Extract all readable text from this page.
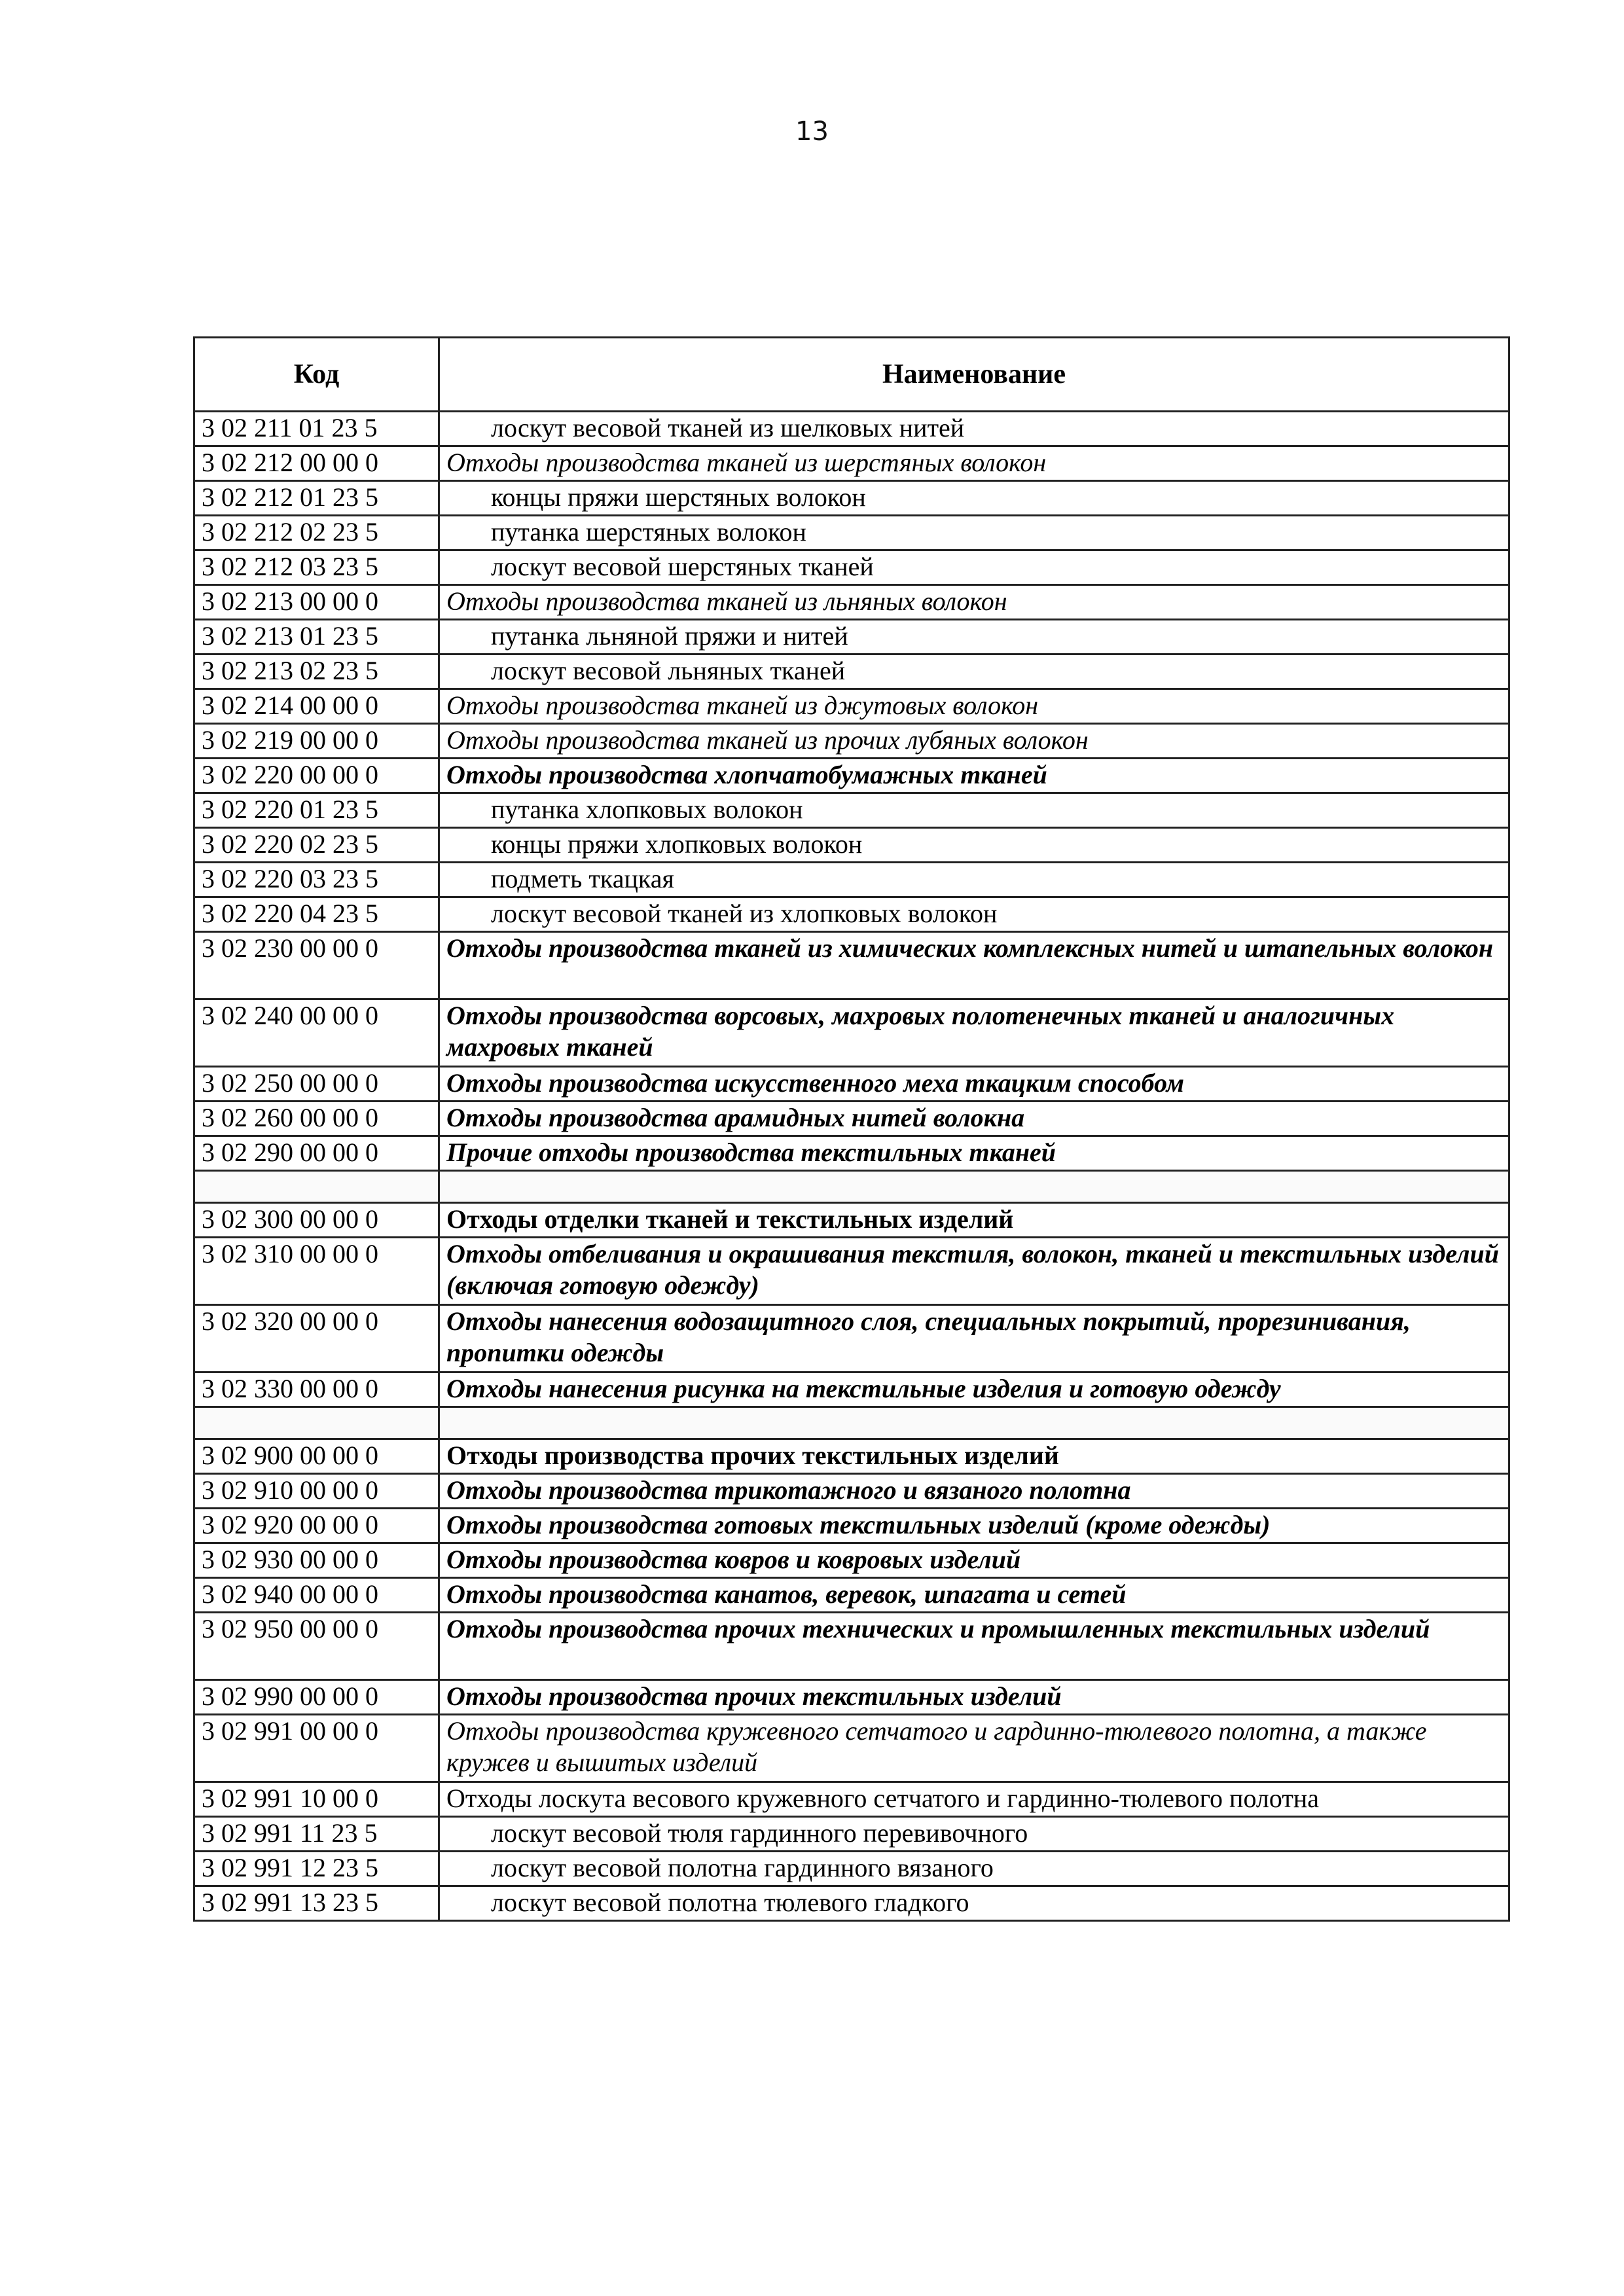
13
Код	Наименование
3 02 211 01 23 5	лоскут весовой тканей из шелковых нитей
3 02 212 00 00 0	Отходы производства тканей из шерстяных волокон
3 02 212 01 23 5	концы пряжи шерстяных волокон
3 02 212 02 23 5	путанка шерстяных волокон
3 02 212 03 23 5	лоскут весовой шерстяных тканей
3 02 213 00 00 0	Отходы производства тканей из льняных волокон
3 02 213 01 23 5	путанка льняной пряжи и нитей
3 02 213 02 23 5	лоскут весовой льняных тканей
3 02 214 00 00 0	Отходы производства тканей из джутовых волокон
3 02 219 00 00 0	Отходы производства тканей из прочих лубяных волокон
3 02 220 00 00 0	Отходы производства хлопчатобумажных тканей
3 02 220 01 23 5	путанка хлопковых волокон
3 02 220 02 23 5	концы пряжи хлопковых волокон
3 02 220 03 23 5	подметь ткацкая
3 02 220 04 23 5	лоскут весовой тканей из хлопковых волокон
3 02 230 00 00 0	Отходы производства тканей из химических комплексных нитей и штапельных волокон
3 02 240 00 00 0	Отходы производства ворсовых, махровых полотенечных тканей и аналогичных махровых тканей
3 02 250 00 00 0	Отходы производства искусственного меха ткацким способом
3 02 260 00 00 0	Отходы производства арамидных нитей волокна
3 02 290 00 00 0	Прочие отходы производства текстильных тканей

3 02 300 00 00 0	Отходы отделки тканей и текстильных изделий
3 02 310 00 00 0	Отходы отбеливания и окрашивания текстиля, волокон, тканей и текстильных изделий (включая готовую одежду)
3 02 320 00 00 0	Отходы нанесения водозащитного слоя, специальных покрытий, прорезинивания, пропитки одежды
3 02 330 00 00 0	Отходы нанесения рисунка на текстильные изделия и готовую одежду

3 02 900 00 00 0	Отходы производства прочих текстильных изделий
3 02 910 00 00 0	Отходы производства трикотажного и вязаного полотна
3 02 920 00 00 0	Отходы производства готовых текстильных изделий (кроме одежды)
3 02 930 00 00 0	Отходы производства ковров и ковровых изделий
3 02 940 00 00 0	Отходы производства канатов, веревок, шпагата и сетей
3 02 950 00 00 0	Отходы производства прочих технических и промышленных текстильных изделий
3 02 990 00 00 0	Отходы производства прочих текстильных изделий
3 02 991 00 00 0	Отходы производства кружевного сетчатого и гардинно-тюлевого полотна, а также кружев и вышитых изделий
3 02 991 10 00 0	Отходы лоскута весового кружевного сетчатого и гардинно-тюлевого полотна
3 02 991 11 23 5	лоскут весовой тюля гардинного перевивочного
3 02 991 12 23 5	лоскут весовой полотна гардинного вязаного
3 02 991 13 23 5	лоскут весовой полотна тюлевого гладкого
